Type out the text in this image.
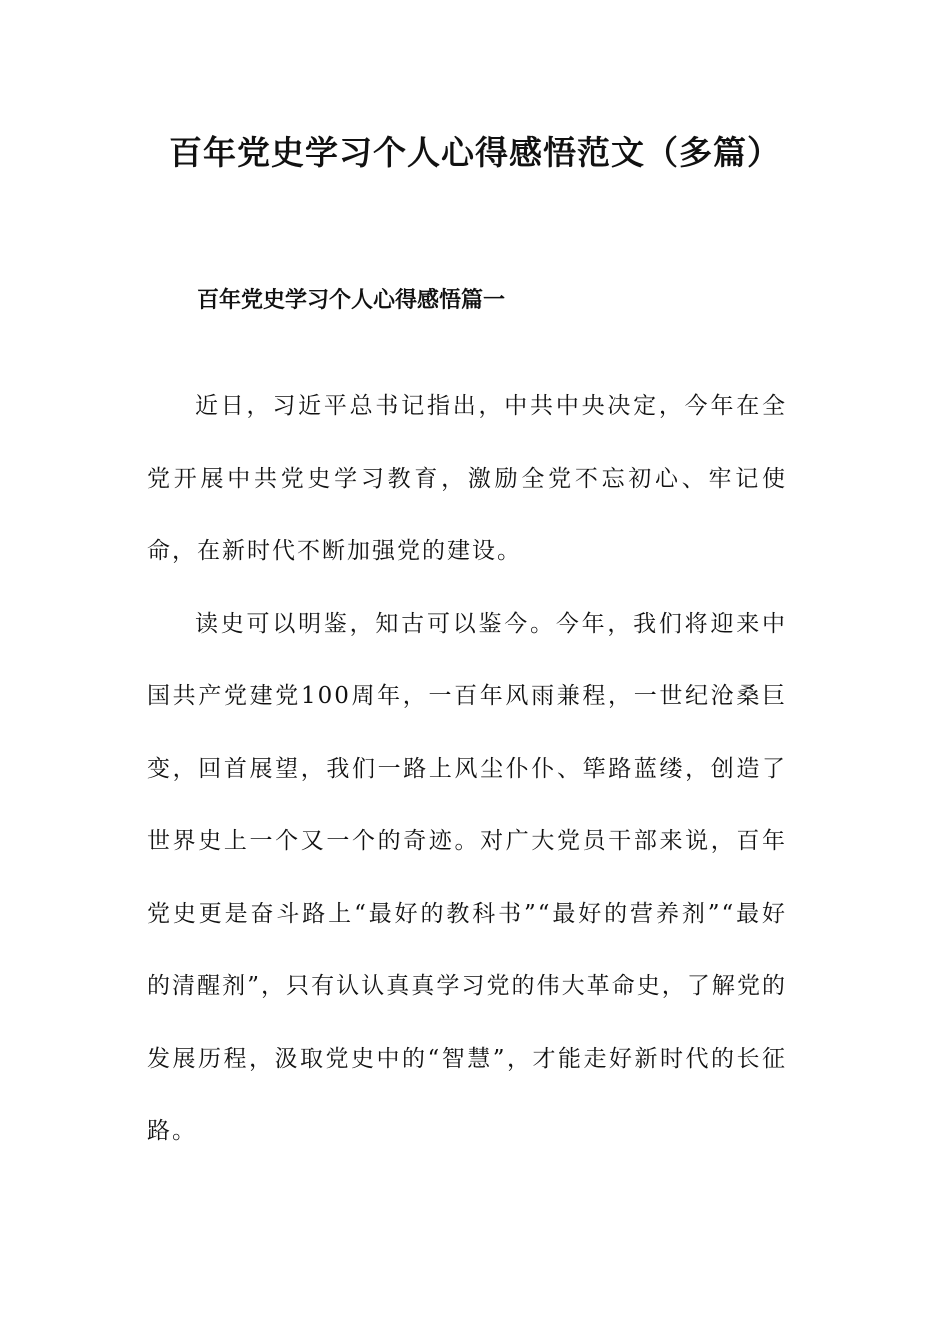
百年党史学习个人心得感悟范文（多篇）
百年党史学习个人心得感悟篇一

近日，习近平总书记指出，中共中央决定，今年在全党开展中共党史学习教育，激励全党不忘初心、牢记使命，在新时代不断加强党的建设。

读史可以明鉴，知古可以鉴今。今年，我们将迎来中国共产党建党100周年，一百年风雨兼程，一世纪沧桑巨变，回首展望，我们一路上风尘仆仆、筚路蓝缕，创造了世界史上一个又一个的奇迹。对广大党员干部来说，百年党史更是奋斗路上“最好的教科书”“最好的营养剂”“最好的清醒剂”，只有认认真真学习党的伟大革命史，了解党的发展历程，汲取党史中的“智慧”，才能走好新时代的长征路。
